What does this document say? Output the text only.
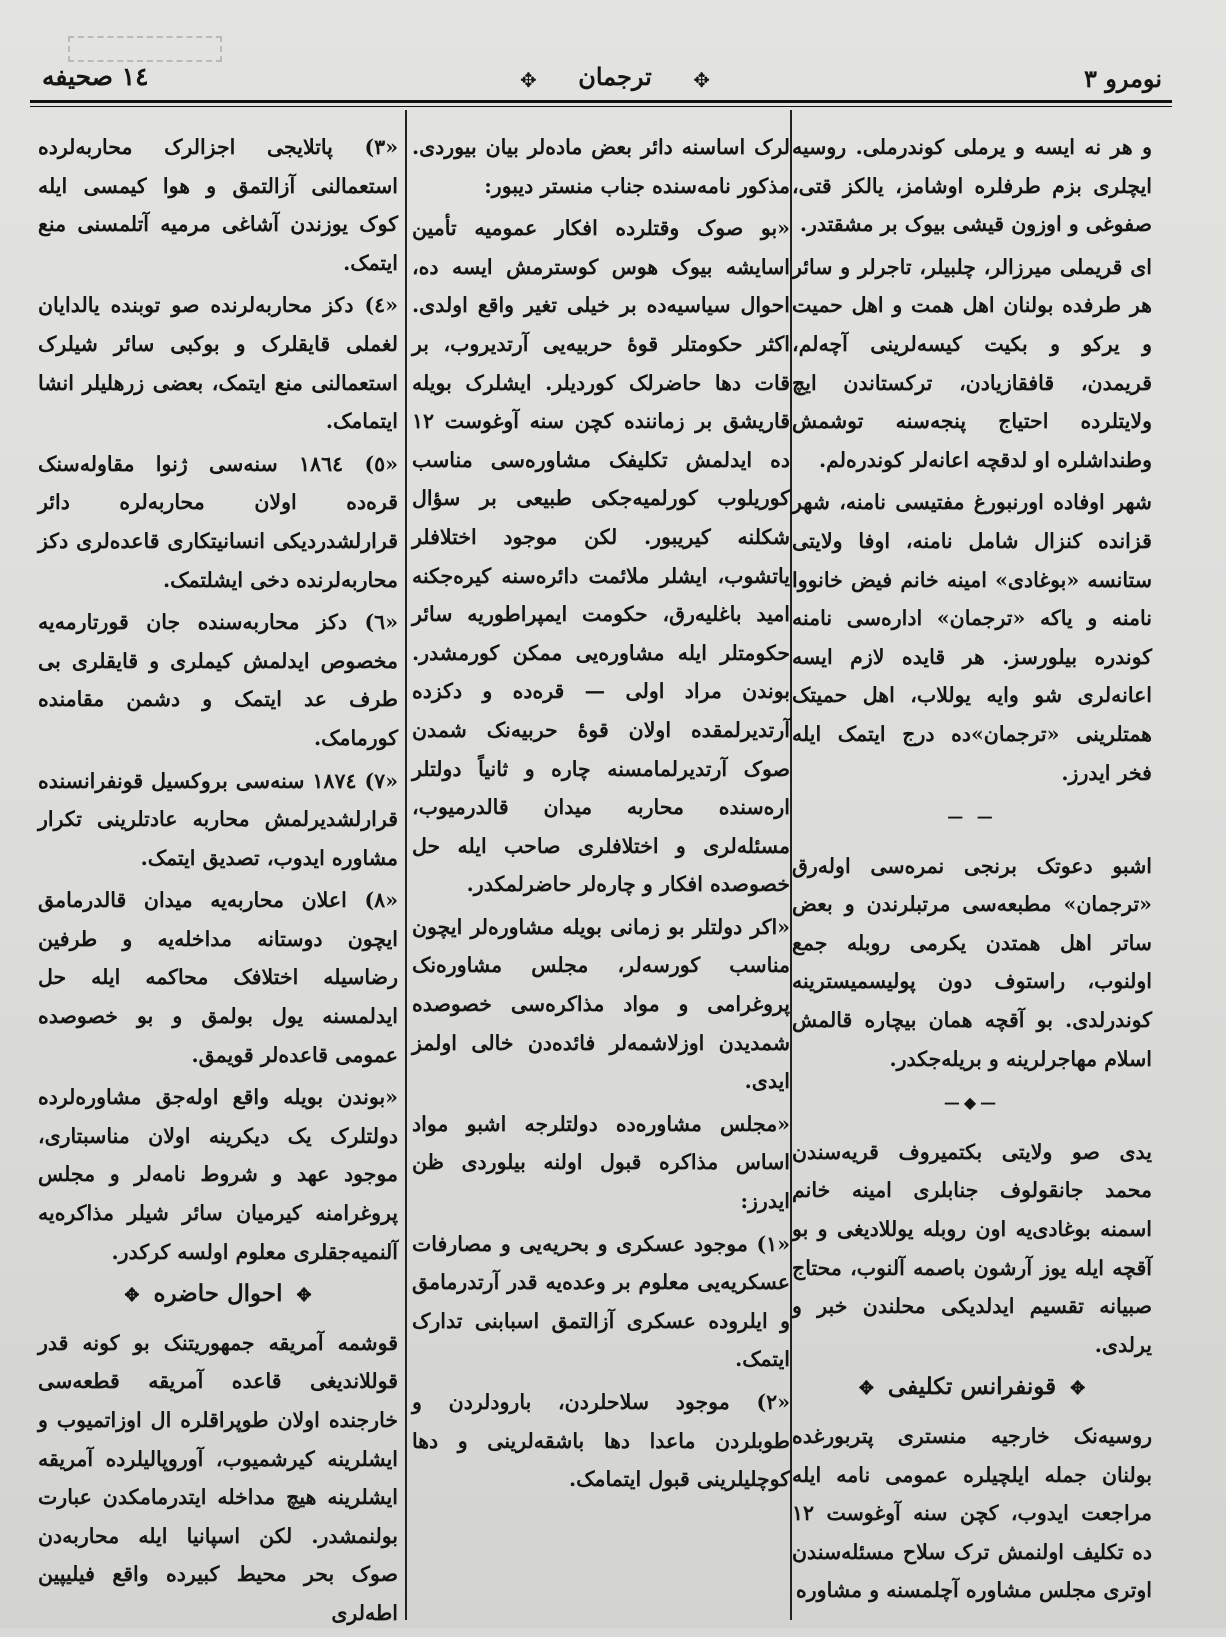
١٤ صحيفه	✥ ترجمان ✥	نومرو ٣

و هر نه ایسه و یرملی کوندرملی. روسیه ایچلری بزم طرفلره اوشامز، یالکز قتی، صفوغی و اوزون قیشی بیوک بر مشقتدر.

ای قریملی میرزالر، چلبیلر، تاجرلر و سائر هر طرفده بولنان اهل همت و اهل حمیت و یرکو و بکیت کیسه‌لرینی آچەلم، قریمدن، قافقازیادن، ترکستاندن ایچ ولایتلرده احتیاج پنجه‌سنه توشمش وطنداشلره او لدقچه اعانه‌لر کوندرەلم.

شهر اوفاده اورنبورغ مفتیسی نامنه، شهر قزانده کنزال شامل نامنه، اوفا ولایتی ستانسه «بوغادی» امینه خانم فیض خانووا نامنه و یاکه «ترجمان» اداره‌سی نامنه کوندره بیلورسز. هر قایده لازم ایسه اعانه‌لری شو وایه یوللاب، اهل حمیتک همتلرینی «ترجمان»ده درج ایتمک ایله فخر ایدرز.

— —

اشبو دعوتک برنجی نمره‌سی اوله‌رق «ترجمان» مطبعه‌سی مرتبلرندن و بعض ساتر اهل همتدن یکرمی روبله جمع اولنوب، راستوف دون پولیسمیسترینه کوندرلدی. بو آقچه همان بیچاره قالمش اسلام مهاجرلرینه و بریله‌جکدر.

—◆—

یدی صو ولایتی بکتمیروف قریه‌سندن محمد جانقولوف جنابلری امینه خانم اسمنه بوغادی‌یه اون روبله یوللادیغی و بو آقچه ایله یوز آرشون باصمه آلنوب، محتاج صبیانه تقسیم ایدلدیکی محلندن خبر و یرلدی.

✥قونفرانس تکلیفی✥

روسیه‌نک خارجیه منستری پتربورغده بولنان جمله ایلچیلره عمومی نامه ایله مراجعت ایدوب، کچن سنه آوغوست ١٢ ده تکلیف اولنمش ترک سلاح مسئله‌سندن اوتری مجلس مشاوره آچلمسنه و مشاوره

لرک اساسنه دائر بعض ماده‌لر بیان بیوردی. مذکور نامه‌سنده جناب منستر دیبور:

«بو صوک وقتلرده افکار عمومیه تأمین اسایشه بیوک هوس کوسترمش ایسه ده، احوال سیاسیه‌ده بر خیلی تغیر واقع اولدی. اکثر حکومتلر قوۀ حربیه‌یی آرتدیروب، بر قات دها حاضرلک کوردیلر. ایشلرک بویله قاریشق بر زماننده کچن سنه آوغوست ١٢ ده ایدلمش تکلیفک مشاوره‌سی مناسب کوریلوب کورلمیه‌جکی طبیعی بر سؤال شکلنه کیریبور. لکن موجود اختلافلر یاتشوب، ایشلر ملائمت دائره‌سنه کیره‌جکنه امید باغلیه‌رق، حکومت ایمپراطوریه سائر حکومتلر ایله مشاوره‌یی ممکن کورمشدر. بوندن مراد اولی — قرەده و دکزده آرتدیرلمقده اولان قوۀ حربیه‌نک شمدن صوک آرتدیرلمامسنه چاره و ثانیاً دولتلر اره‌سنده محاربه میدان قالدرمیوب، مسئله‌لری و اختلافلری صاحب ایله حل خصوصده افکار و چاره‌لر حاضرلمکدر.

«اکر دولتلر بو زمانی بویله مشاوره‌لر ایچون مناسب کورسه‌لر، مجلس مشاوره‌نک پروغرامی و مواد مذاکره‌سی خصوصده شمدیدن اوزلاشمه‌لر فائده‌دن خالی اولمز ایدی.

«مجلس مشاوره‌ده دولتلرجه اشبو مواد اساس مذاکره قبول اولنه بیلوردی ظن ایدرز:

«١) موجود عسکری و بحریه‌یی و مصارفات عسکریه‌یی معلوم بر وعده‌یه قدر آرتدرمامق و ایلروده عسکری آزالتمق اسبابنی تدارک ایتمک.

«٢) موجود سلاحلردن، بارودلردن و طوبلردن ماعدا دها باشقه‌لرینی و دها کوچلیلرینی قبول ایتمامک.

«٣) پاتلایجی اجزالرک محاربه‌لرده استعمالنی آزالتمق و هوا کیمسی ایله کوک یوزندن آشاغی مرمیه آتلمسنی منع ایتمک.

«٤) دکز محاربه‌لرنده صو توبنده یالدایان لغملی قایقلرک و بوکبی سائر شیلرک استعمالنی منع ایتمک، بعضی زرهلیلر انشا ایتمامک.

«٥) ١٨٦٤ سنه‌سی ژنوا مقاوله‌سنک قرەده اولان محاربه‌لره دائر قرارلشدردیکی انسانیتکاری قاعده‌لری دکز محاربه‌لرنده دخی ایشلتمک.

«٦) دکز محاربه‌سنده جان قورتارمه‌یه مخصوص ایدلمش کیملری و قایقلری بی طرف عد ایتمک و دشمن مقامنده کورمامک.

«٧) ١٨٧٤ سنه‌سی بروکسیل قونفرانسنده قرارلشدیرلمش محاربه عادتلرینی تکرار مشاوره ایدوب، تصدیق ایتمک.

«٨) اعلان محاربه‌یه میدان قالدرمامق ایچون دوستانه مداخله‌یه و طرفین رضاسیله اختلافک محاکمه ایله حل ایدلمسنه یول بولمق و بو خصوصده عمومی قاعده‌لر قویمق.

«بوندن بویله واقع اوله‌جق مشاوره‌لرده دولتلرک یک دیکرینه اولان مناسبتاری، موجود عهد و شروط نامه‌لر و مجلس پروغرامنه کیرمیان سائر شیلر مذاکره‌یه آلنمیه‌جقلری معلوم اولسه کرکدر.

✥احوال حاضره✥

قوشمه آمریقه جمهوریتنک بو کونه قدر قوللاندیغی قاعده آمریقه قطعه‌سی خارجنده اولان طوپراقلره ال اوزاتمیوب و ایشلرینه کیرشمیوب، آوروپالیلرده آمریقه ایشلرینه هیچ مداخله ایتدرمامکدن عبارت بولنمشدر. لکن اسپانیا ایله محاربه‌دن صوک بحر محیط کبیرده واقع فیلیپین اطه‌لری
